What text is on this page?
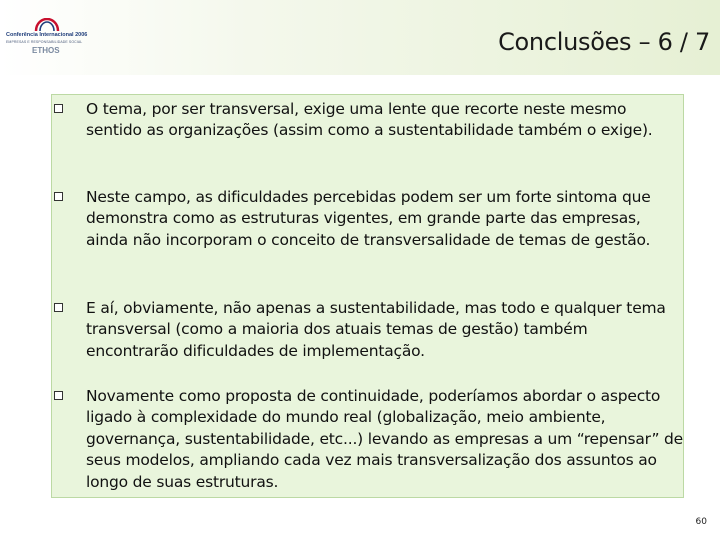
Conferência Internacional 2006
EMPRESAS E RESPONSABILIDADE SOCIAL
ETHOS	Conclusões – 6 / 7
O tema, por ser transversal, exige uma lente que recorte neste mesmo sentido as organizações (assim como a sustentabilidade também o exige).
Neste campo, as dificuldades percebidas podem ser um forte sintoma que demonstra como as estruturas vigentes, em grande parte das empresas, ainda não incorporam o conceito de transversalidade de temas de gestão.
E aí, obviamente, não apenas a sustentabilidade, mas todo e qualquer tema transversal (como a maioria dos atuais temas de gestão) também encontrarão dificuldades de implementação.
Novamente como proposta de continuidade, poderíamos abordar o aspecto ligado à complexidade do mundo real (globalização, meio ambiente, governança, sustentabilidade, etc...) levando as empresas a um “repensar” de seus modelos, ampliando cada vez mais transversalização dos assuntos ao longo de suas estruturas.
60
